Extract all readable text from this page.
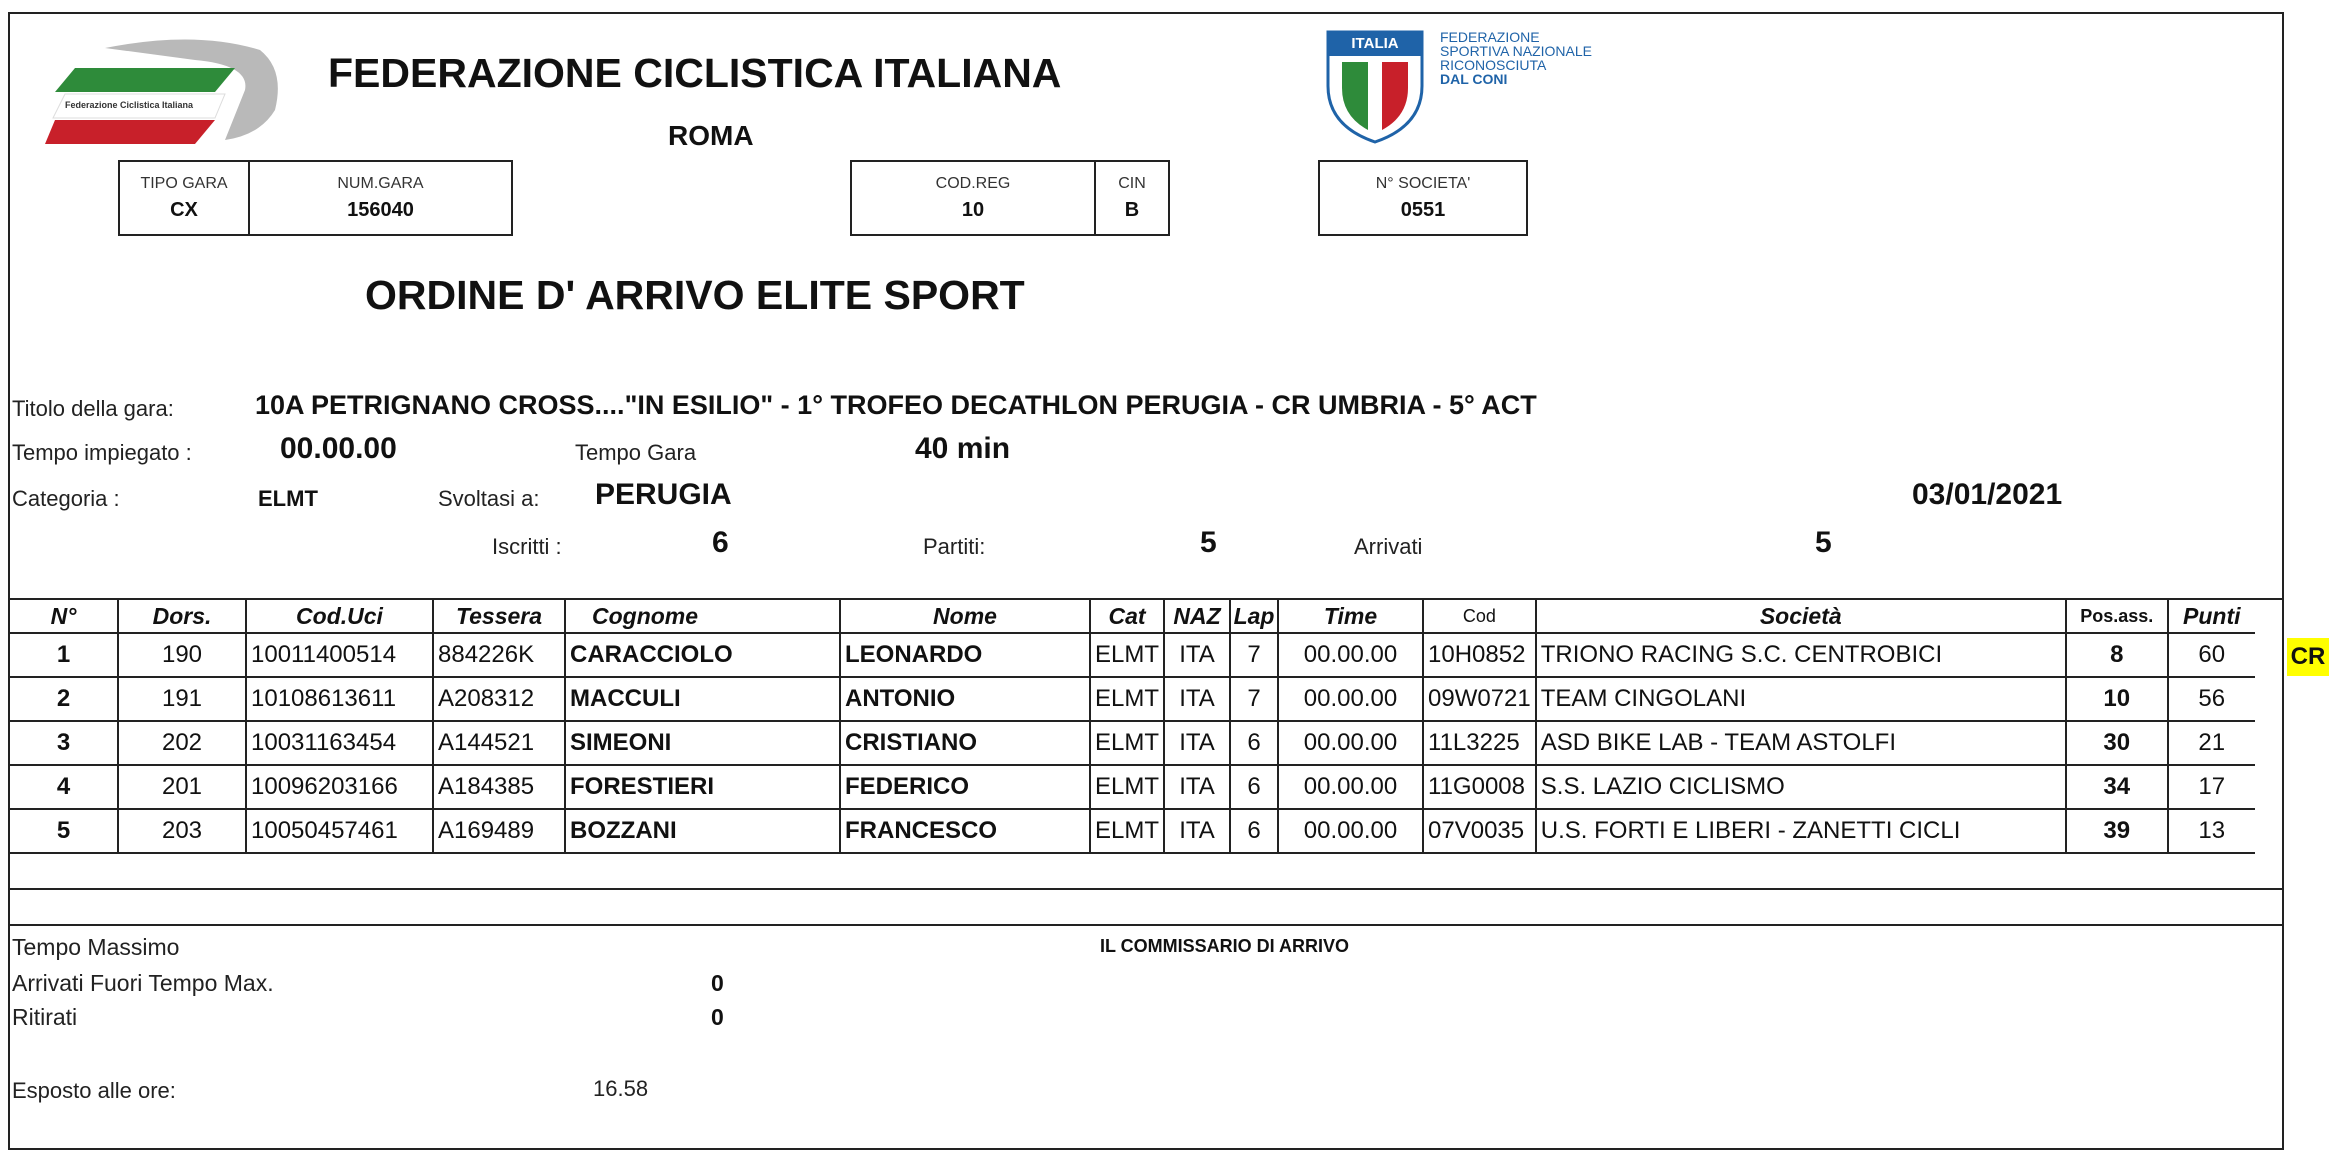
Federazione Ciclistica Italiana
FEDERAZIONE CICLISTICA ITALIANA
ROMA
ITALIA	FEDERAZIONE
SPORTIVA NAZIONALE
RICONOSCIUTA
DAL CONI
TIPO GARA
CX
NUM.GARA
156040
COD.REG
10
CIN
B
N° SOCIETA'
0551
ORDINE D' ARRIVO ELITE SPORT
Titolo della gara:	10A PETRIGNANO CROSS...."IN ESILIO" - 1° TROFEO DECATHLON PERUGIA - CR UMBRIA - 5° ACT
Tempo impiegato :	00.00.00	Tempo Gara	40 min
Categoria :	ELMT	Svoltasi a: PERUGIA	03/01/2021
Iscritti :	6	Partiti:	5	Arrivati	5
N°	Dors.	Cod.Uci	Tessera	Cognome	Nome	Cat	NAZ	Lap	Time	Cod	Società	Pos.ass.	Punti
1	190	10011400514	884226K	CARACCIOLO	LEONARDO	ELMT	ITA	7	00.00.00	10H0852	TRIONO RACING S.C. CENTROBICI	8	60
2	191	10108613611	A208312	MACCULI	ANTONIO	ELMT	ITA	7	00.00.00	09W0721	TEAM CINGOLANI	10	56
3	202	10031163454	A144521	SIMEONI	CRISTIANO	ELMT	ITA	6	00.00.00	11L3225	ASD BIKE LAB - TEAM ASTOLFI	30	21
4	201	10096203166	A184385	FORESTIERI	FEDERICO	ELMT	ITA	6	00.00.00	11G0008	S.S. LAZIO CICLISMO	34	17
5	203	10050457461	A169489	BOZZANI	FRANCESCO	ELMT	ITA	6	00.00.00	07V0035	U.S. FORTI E LIBERI - ZANETTI CICLI	39	13
CR
Tempo Massimo	IL COMMISSARIO DI ARRIVO
Arrivati Fuori Tempo Max.	0
Ritirati	0
Esposto alle ore:	16.58
